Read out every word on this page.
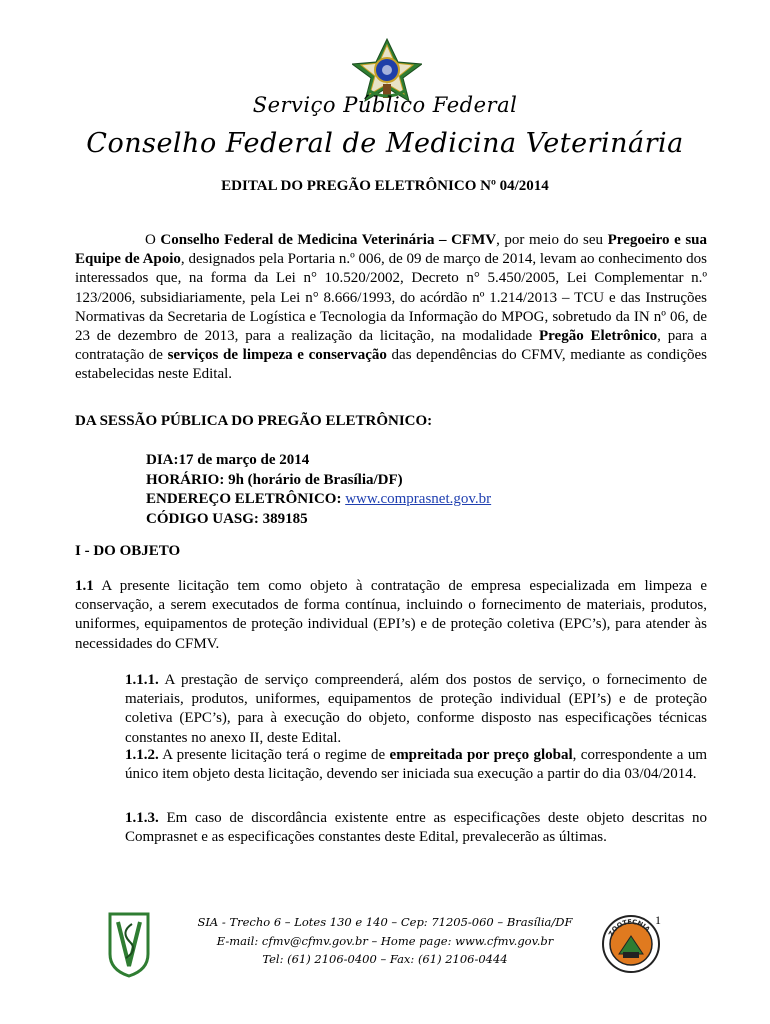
Serviço Público Federal
Conselho Federal de Medicina Veterinária
EDITAL DO PREGÃO ELETRÔNICO Nº 04/2014

O Conselho Federal de Medicina Veterinária – CFMV, por meio do seu Pregoeiro e sua Equipe de Apoio, designados pela Portaria n.º 006, de 09 de março de 2014, levam ao conhecimento dos interessados que, na forma da Lei n° 10.520/2002, Decreto n° 5.450/2005, Lei Complementar n.º 123/2006, subsidiariamente, pela Lei n° 8.666/1993, do acórdão nº 1.214/2013 – TCU e das Instruções Normativas da Secretaria de Logística e Tecnologia da Informação do MPOG, sobretudo da IN nº 06, de 23 de dezembro de 2013, para a realização da licitação, na modalidade Pregão Eletrônico, para a contratação de serviços de limpeza e conservação das dependências do CFMV, mediante as condições estabelecidas neste Edital.

DA SESSÃO PÚBLICA DO PREGÃO ELETRÔNICO:
DIA:17 de março de 2014
HORÁRIO: 9h (horário de Brasília/DF)
ENDEREÇO ELETRÔNICO: www.comprasnet.gov.br
CÓDIGO UASG: 389185
I - DO OBJETO

1.1 A presente licitação tem como objeto à contratação de empresa especializada em limpeza e conservação, a serem executados de forma contínua, incluindo o fornecimento de materiais, produtos, uniformes, equipamentos de proteção individual (EPI’s) e de proteção coletiva (EPC’s), para atender às necessidades do CFMV.

1.1.1. A prestação de serviço compreenderá, além dos postos de serviço, o fornecimento de materiais, produtos, uniformes, equipamentos de proteção individual (EPI’s) e de proteção coletiva (EPC’s), para à execução do objeto, conforme disposto nas especificações técnicas constantes no anexo II, deste Edital.

1.1.2. A presente licitação terá o regime de empreitada por preço global, correspondente a um único item objeto desta licitação, devendo ser iniciada sua execução a partir do dia 03/04/2014.

1.1.3. Em caso de discordância existente entre as especificações deste objeto descritas no Comprasnet e as especificações constantes deste Edital, prevalecerão as últimas.

SIA - Trecho 6 – Lotes 130 e 140 – Cep: 71205-060 – Brasília/DF
E-mail: cfmv@cfmv.gov.br – Home page: www.cfmv.gov.br
Tel: (61) 2106-0400 – Fax: (61) 2106-0444
1
ZOOTECNIA
